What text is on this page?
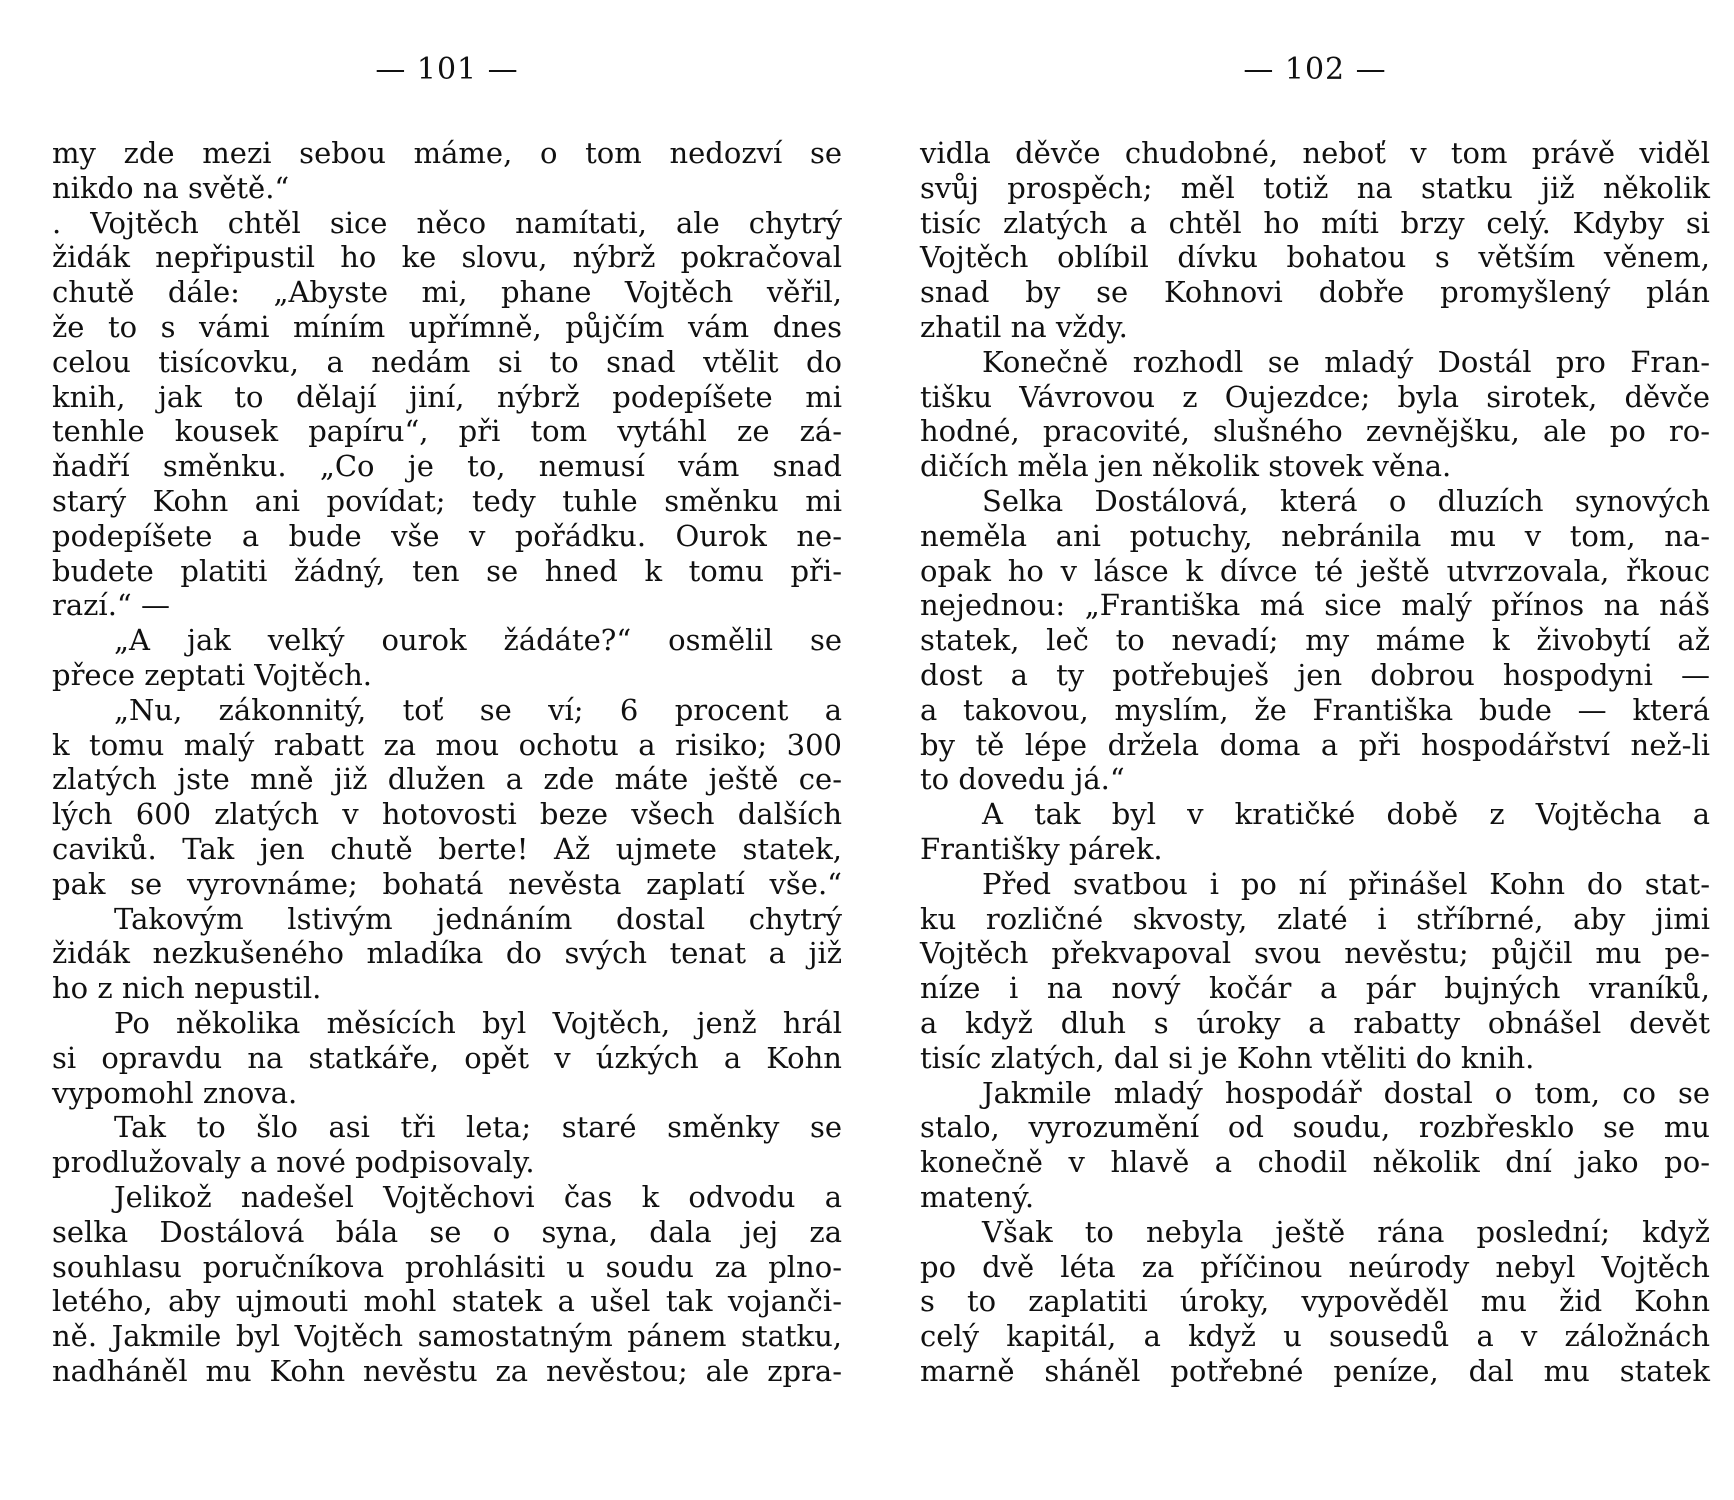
— 101 —
my zde mezi sebou máme, o tom nedozví se
nikdo na světě.“
. Vojtěch chtěl sice něco namítati, ale chytrý
židák nepřipustil ho ke slovu, nýbrž pokračoval
chutě dále: „Abyste mi, phane Vojtěch věřil,
že to s vámi míním upřímně, půjčím vám dnes
celou tisícovku, a nedám si to snad vtělit do
knih, jak to dělají jiní, nýbrž podepíšete mi
tenhle kousek papíru“, při tom vytáhl ze zá-
ňadří směnku. „Co je to, nemusí vám snad
starý Kohn ani povídat; tedy tuhle směnku mi
podepíšete a bude vše v pořádku. Ourok ne-
budete platiti žádný, ten se hned k tomu při-
razí.“ —
„A jak velký ourok žádáte?“ osmělil se
přece zeptati Vojtěch.
„Nu, zákonnitý, toť se ví; 6 procent a
k tomu malý rabatt za mou ochotu a risiko; 300
zlatých jste mně již dlužen a zde máte ještě ce-
lých 600 zlatých v hotovosti beze všech dalších
caviků. Tak jen chutě berte! Až ujmete statek,
pak se vyrovnáme; bohatá nevěsta zaplatí vše.“
Takovým lstivým jednáním dostal chytrý
židák nezkušeného mladíka do svých tenat a již
ho z nich nepustil.
Po několika měsících byl Vojtěch, jenž hrál
si opravdu na statkáře, opět v úzkých a Kohn
vypomohl znova.
Tak to šlo asi tři leta; staré směnky se
prodlužovaly a nové podpisovaly.
Jelikož nadešel Vojtěchovi čas k odvodu a
selka Dostálová bála se o syna, dala jej za
souhlasu poručníkova prohlásiti u soudu za plno-
letého, aby ujmouti mohl statek a ušel tak vojanči-
ně. Jakmile byl Vojtěch samostatným pánem statku,
nadháněl mu Kohn nevěstu za nevěstou; ale zpra-
— 102 —
vidla děvče chudobné, neboť v tom právě viděl
svůj prospěch; měl totiž na statku již několik
tisíc zlatých a chtěl ho míti brzy celý. Kdyby si
Vojtěch oblíbil dívku bohatou s větším věnem,
snad by se Kohnovi dobře promyšlený plán
zhatil na vždy.
Konečně rozhodl se mladý Dostál pro Fran-
tišku Vávrovou z Oujezdce; byla sirotek, děvče
hodné, pracovité, slušného zevnějšku, ale po ro-
dičích měla jen několik stovek věna.
Selka Dostálová, která o dluzích synových
neměla ani potuchy, nebránila mu v tom, na-
opak ho v lásce k dívce té ještě utvrzovala, řkouc
nejednou: „Františka má sice malý přínos na náš
statek, leč to nevadí; my máme k živobytí až
dost a ty potřebuješ jen dobrou hospodyni —
a takovou, myslím, že Františka bude — která
by tě lépe držela doma a při hospodářství než-li
to dovedu já.“
A tak byl v kratičké době z Vojtěcha a
Františky párek.
Před svatbou i po ní přinášel Kohn do stat-
ku rozličné skvosty, zlaté i stříbrné, aby jimi
Vojtěch překvapoval svou nevěstu; půjčil mu pe-
níze i na nový kočár a pár bujných vraníků,
a když dluh s úroky a rabatty obnášel devět
tisíc zlatých, dal si je Kohn vtěliti do knih.
Jakmile mladý hospodář dostal o tom, co se
stalo, vyrozumění od soudu, rozbřesklo se mu
konečně v hlavě a chodil několik dní jako po-
matený.
Však to nebyla ještě rána poslední; když
po dvě léta za příčinou neúrody nebyl Vojtěch
s to zaplatiti úroky, vypověděl mu žid Kohn
celý kapitál, a když u sousedů a v záložnách
marně sháněl potřebné peníze, dal mu statek
